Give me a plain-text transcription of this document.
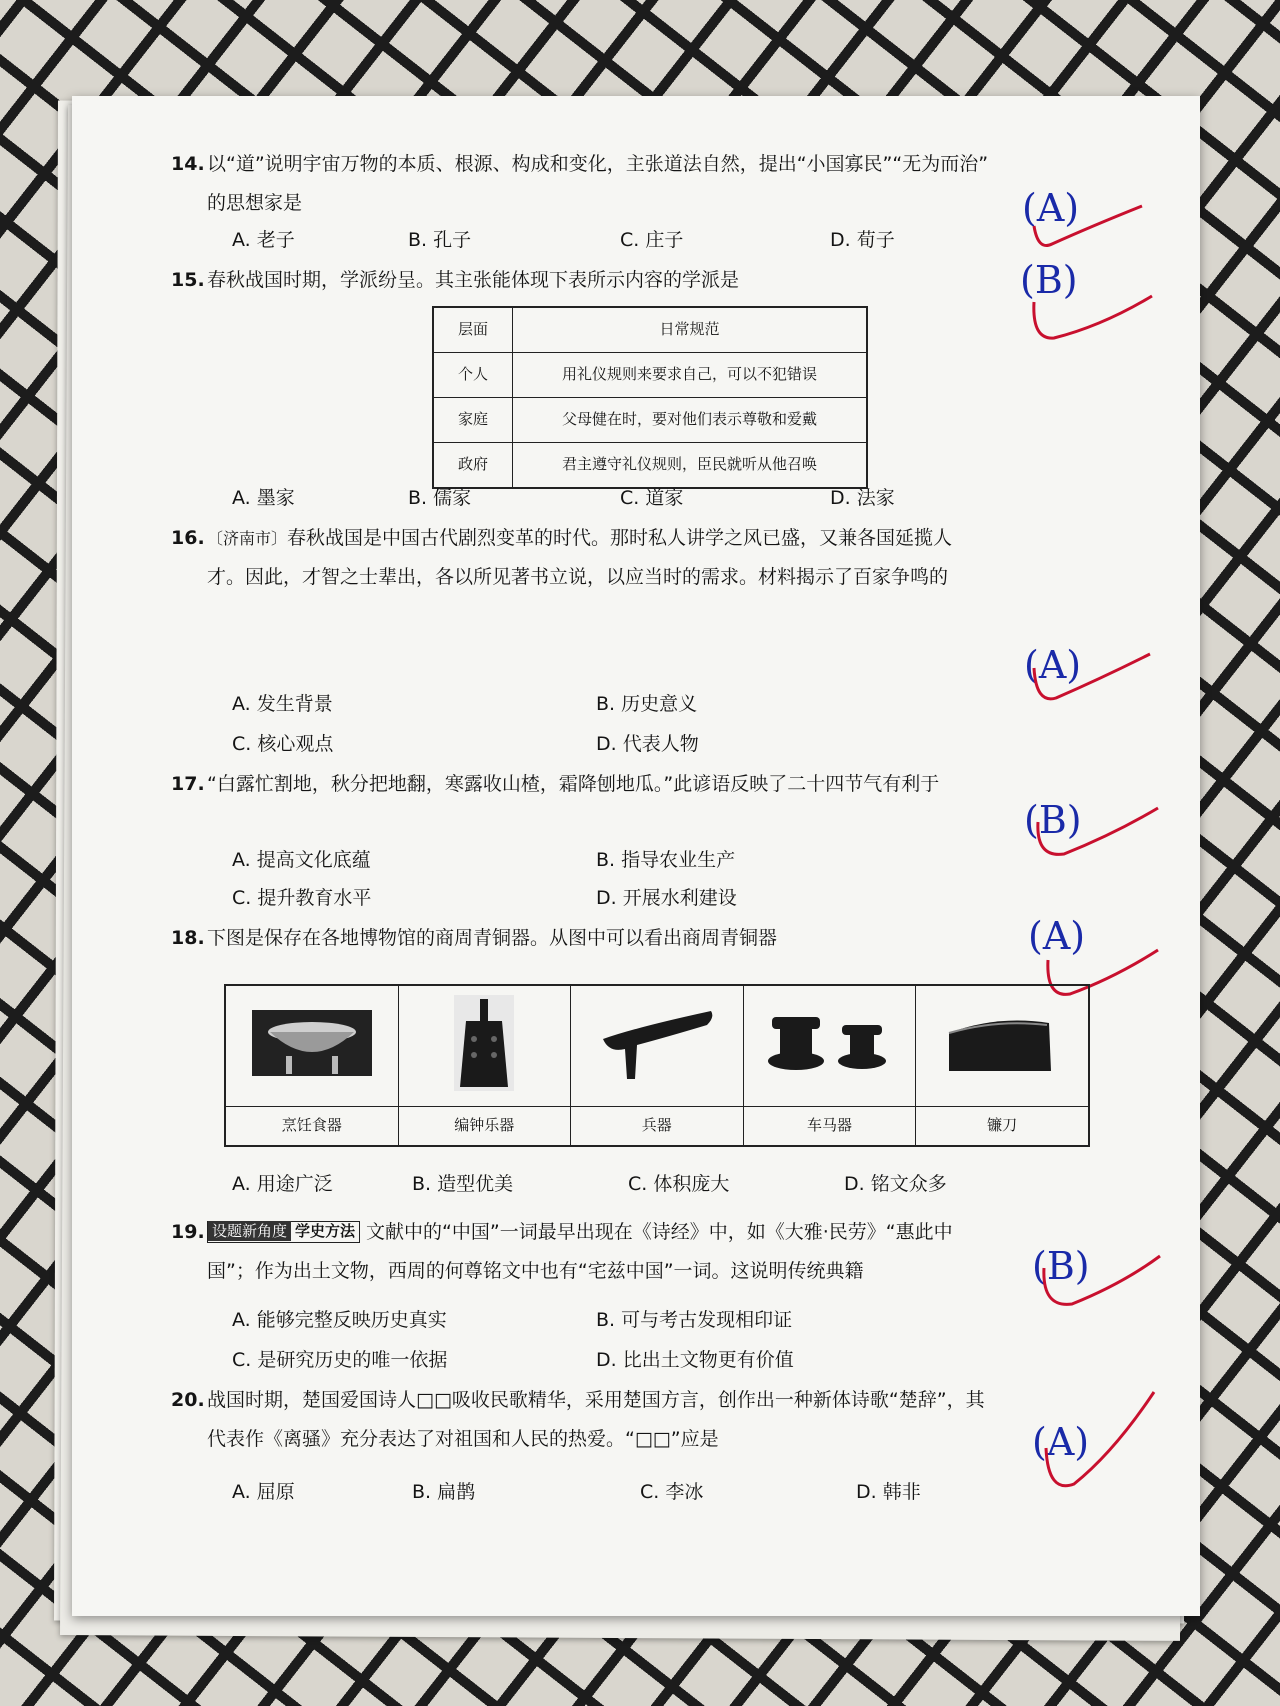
14. 以“道”说明宇宙万物的本质、根源、构成和变化，主张道法自然，提出“小国寡民”“无为而治”

的思想家是

A. 老子	B. 孔子	C. 庄子	D. 荀子
(A)
15. 春秋战国时期，学派纷呈。其主张能体现下表所示内容的学派是	(B)
层面	日常规范
个人	用礼仪规则来要求自己，可以不犯错误
家庭	父母健在时，要对他们表示尊敬和爱戴
政府	君主遵守礼仪规则，臣民就听从他召唤
A. 墨家	B. 儒家	C. 道家	D. 法家
16. 〔济南市〕春秋战国是中国古代剧烈变革的时代。那时私人讲学之风已盛，又兼各国延揽人

才。因此，才智之士辈出，各以所见著书立说，以应当时的需求。材料揭示了百家争鸣的

(A)
A. 发生背景	B. 历史意义
C. 核心观点	D. 代表人物
17. “白露忙割地，秋分把地翻，寒露收山楂，霜降刨地瓜。”此谚语反映了二十四节气有利于

(B)
A. 提高文化底蕴	B. 指导农业生产
C. 提升教育水平	D. 开展水利建设
18. 下图是保存在各地博物馆的商周青铜器。从图中可以看出商周青铜器	(A)

烹饪食器	编钟乐器	兵器	车马器	镰刀
A. 用途广泛	B. 造型优美	C. 体积庞大	D. 铭文众多
19. 设题新角度 学史方法 文献中的“中国”一词最早出现在《诗经》中，如《大雅·民劳》“惠此中

国”；作为出土文物，西周的何尊铭文中也有“宅兹中国”一词。这说明传统典籍	(B)
A. 能够完整反映历史真实	B. 可与考古发现相印证
C. 是研究历史的唯一依据	D. 比出土文物更有价值
20. 战国时期，楚国爱国诗人□□吸收民歌精华，采用楚国方言，创作出一种新体诗歌“楚辞”，其

代表作《离骚》充分表达了对祖国和人民的热爱。“□□”应是	(A)
A. 屈原	B. 扁鹊	C. 李冰	D. 韩非
